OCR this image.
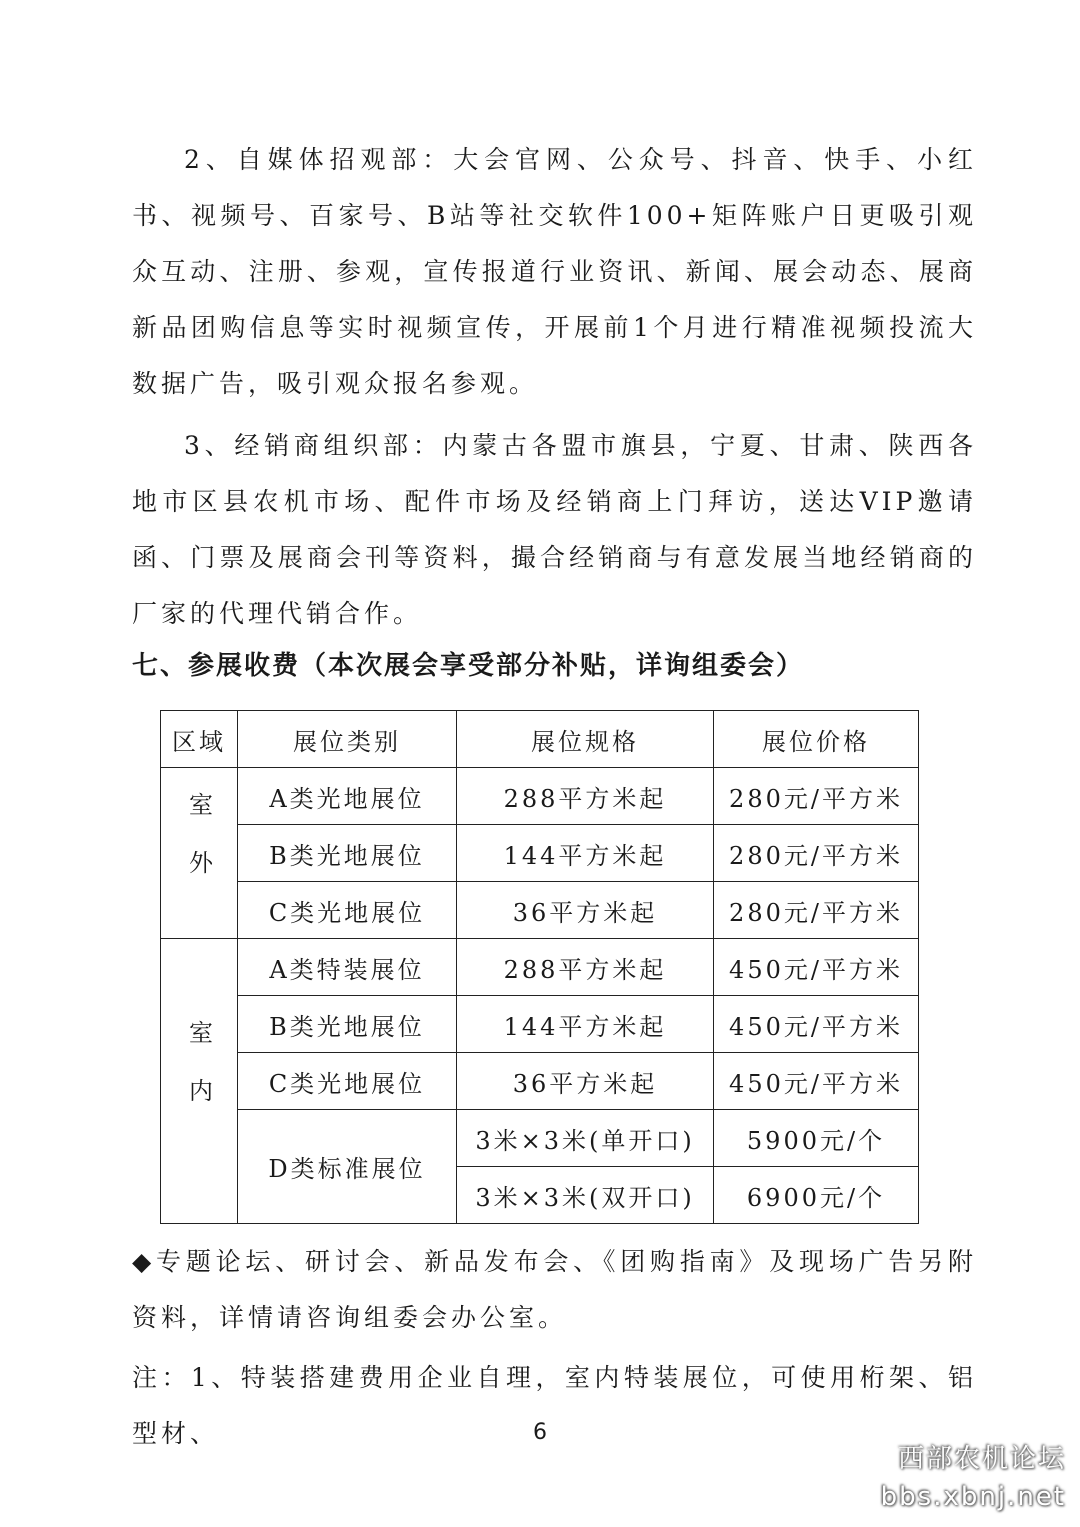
2、自媒体招观部：大会官网、公众号、抖音、快手、小红书、视频号、百家号、B站等社交软件100+矩阵账户日更吸引观众互动、注册、参观，宣传报道行业资讯、新闻、展会动态、展商新品团购信息等实时视频宣传，开展前1个月进行精准视频投流大数据广告，吸引观众报名参观。

3、经销商组织部：内蒙古各盟市旗县，宁夏、甘肃、陕西各地市区县农机市场、配件市场及经销商上门拜访，送达VIP邀请函、门票及展商会刊等资料，撮合经销商与有意发展当地经销商的厂家的代理代销合作。

七、参展收费（本次展会享受部分补贴，详询组委会）
区域	展位类别	展位规格	展位价格
室外	A类光地展位	288平方米起	280元/平方米
	B类光地展位	144平方米起	280元/平方米
	C类光地展位	36平方米起	280元/平方米
室内	A类特装展位	288平方米起	450元/平方米
	B类光地展位	144平方米起	450元/平方米
	C类光地展位	36平方米起	450元/平方米
	D类标准展位	3米×3米(单开口)	5900元/个
		3米×3米(双开口)	6900元/个

◆专题论坛、研讨会、新品发布会、《团购指南》及现场广告另附资料，详情请咨询组委会办公室。

注：1、特装搭建费用企业自理，室内特装展位，可使用桁架、铝型材、	6
西部农机论坛
bbs.xbnj.net
